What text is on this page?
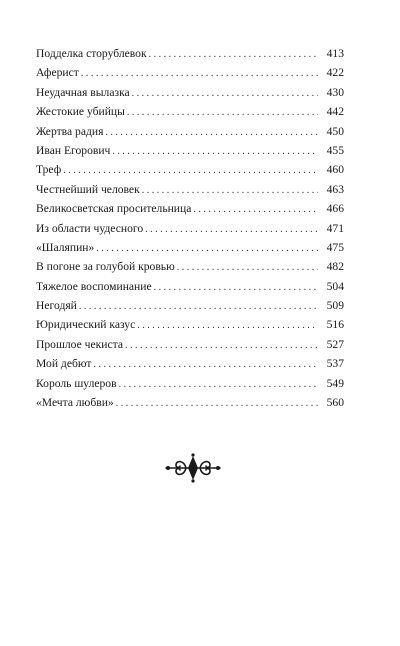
Подделка сторублевок . . .	413
Аферист . . .	422
Неудачная вылазка . . .	430
Жестокие убийцы . . .	442
Жертва радия . . .	450
Иван Егорович . . .	455
Треф . . .	460
Честнейший человек . . .	463
Великосветская просительница . . .	466
Из области чудесного . . .	471
«Шаляпин» . . .	475
В погоне за голубой кровью . . .	482
Тяжелое воспоминание . . .	504
Негодяй . . .	509
Юридический казус . . .	516
Прошлое чекиста . . .	527
Мой дебют . . .	537
Король шулеров . . .	549
«Мечта любви» . . .	560
